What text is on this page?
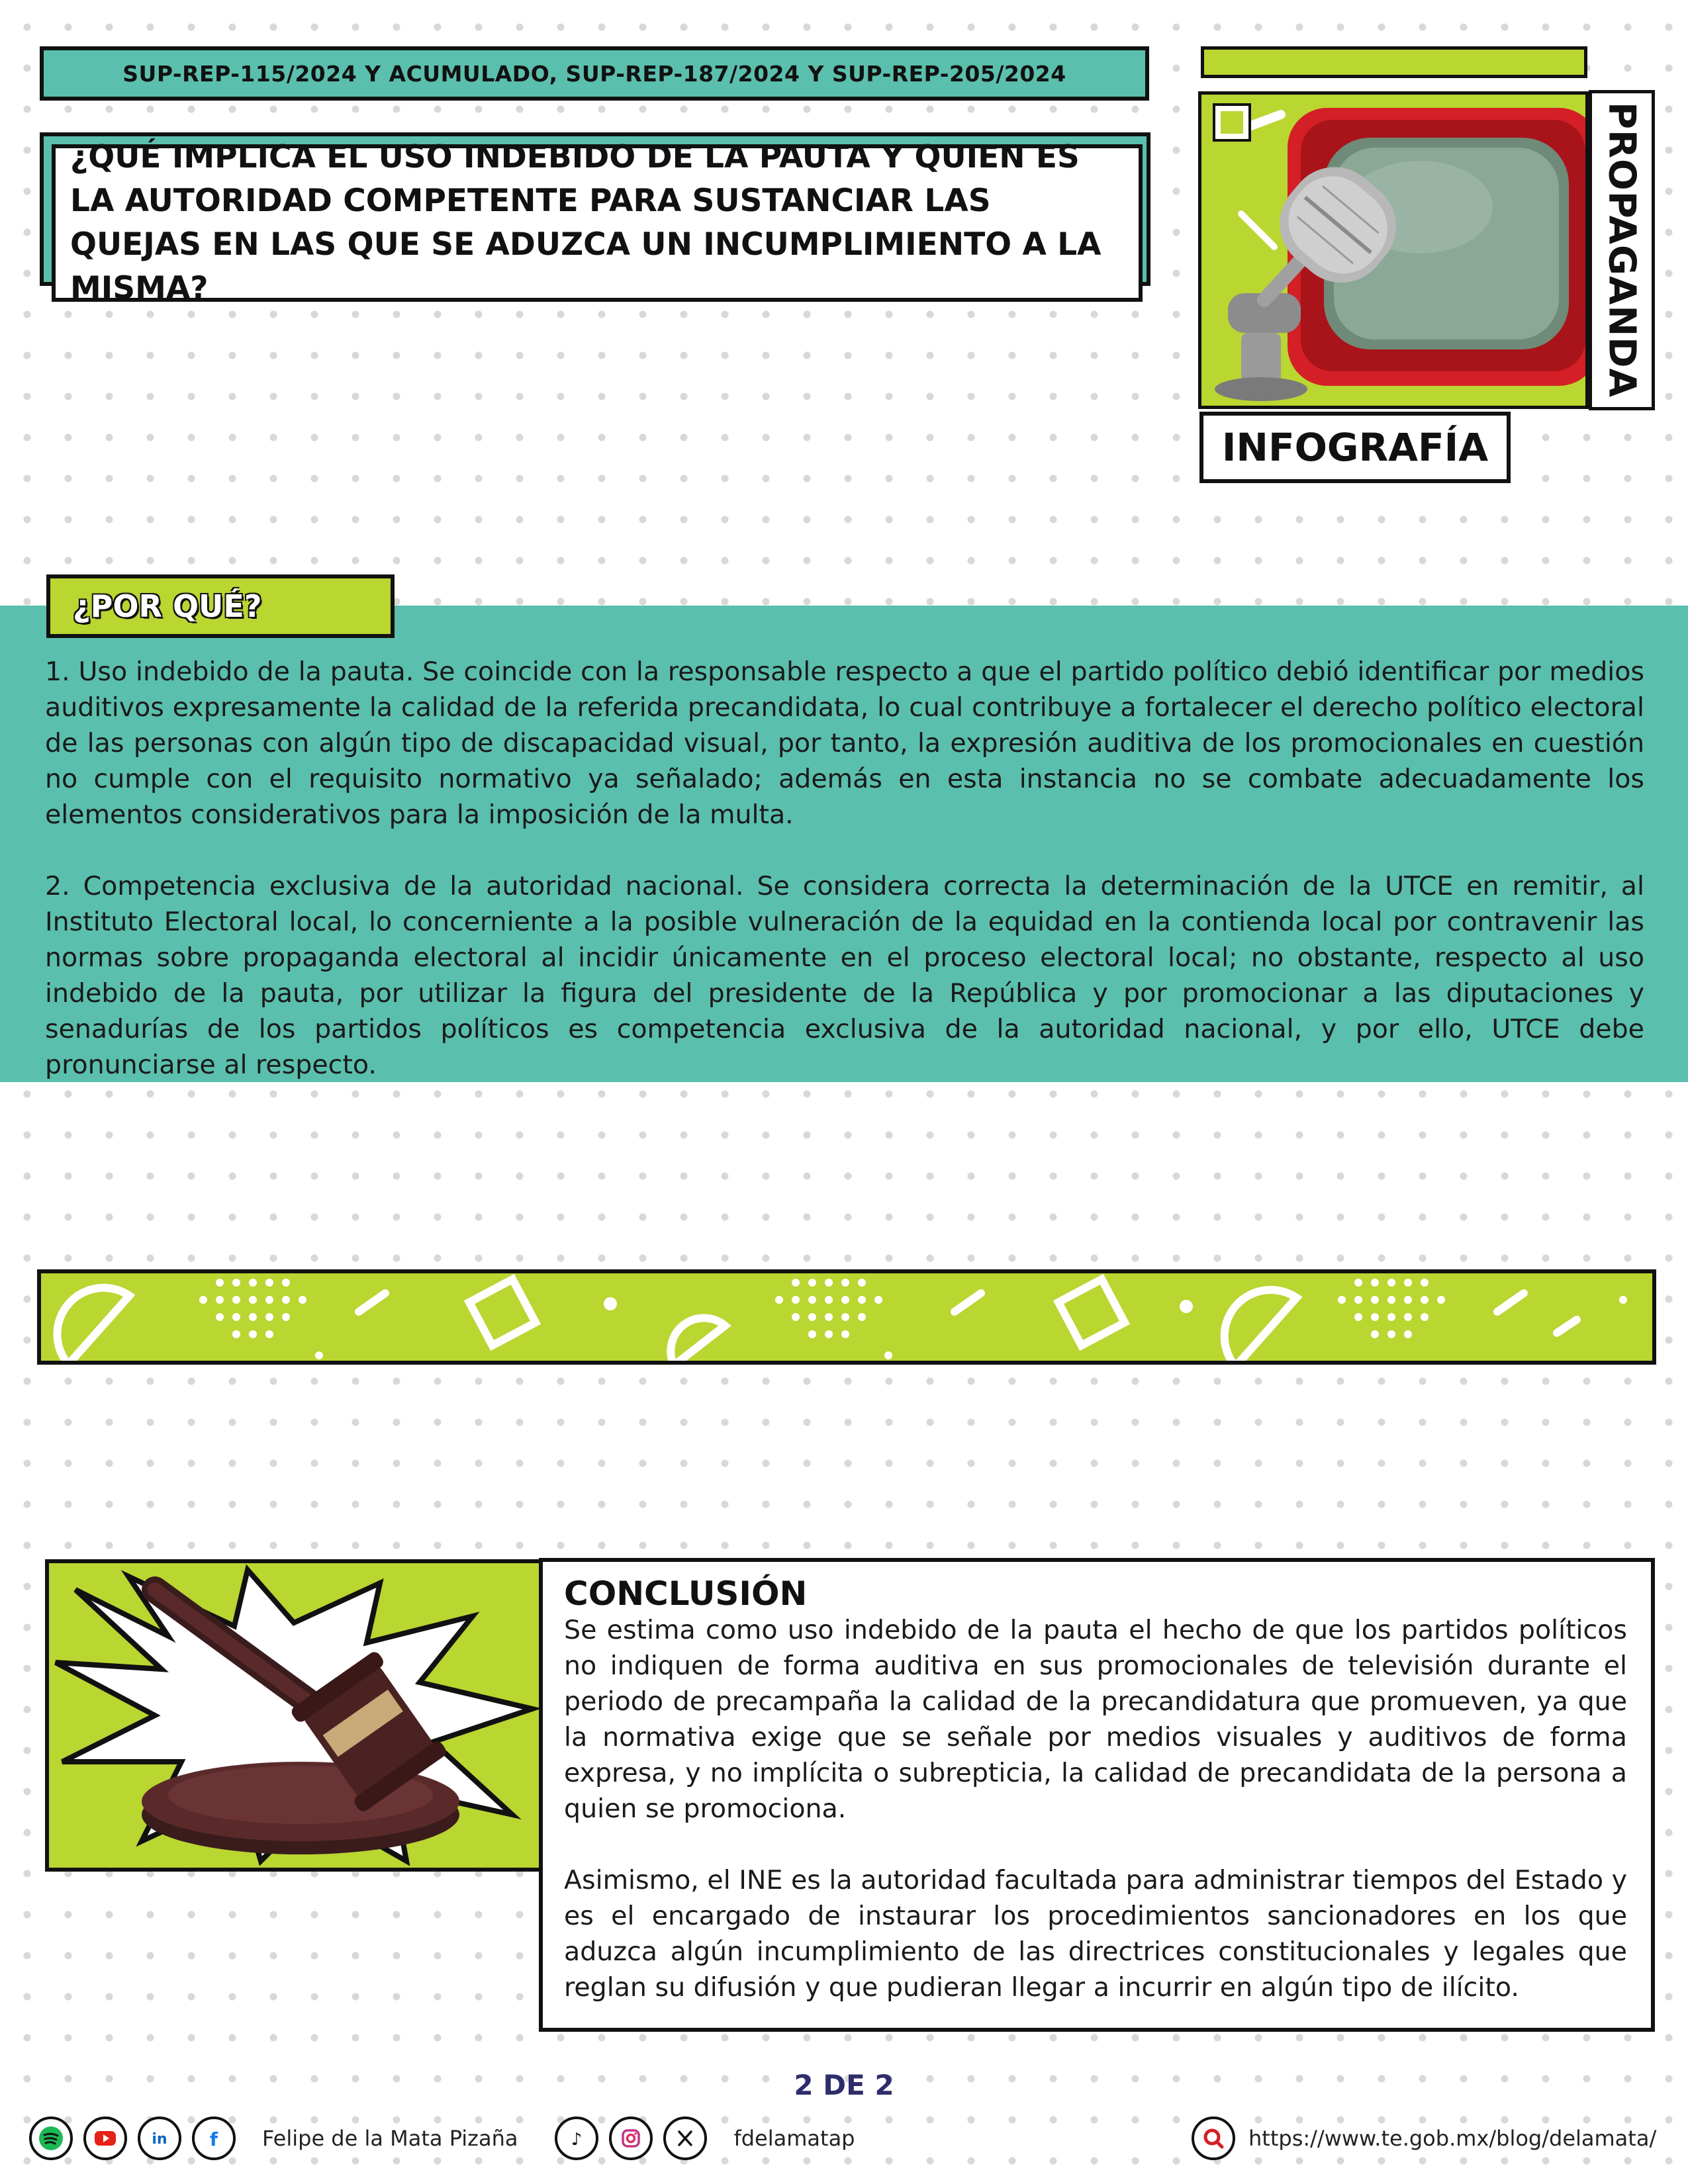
SUP-REP-115/2024 Y ACUMULADO, SUP-REP-187/2024 Y SUP-REP-205/2024
¿QUÉ IMPLICA EL USO INDEBIDO DE LA PAUTA Y QUIEN ES LA AUTORIDAD COMPETENTE PARA SUSTANCIAR LAS QUEJAS EN LAS QUE SE ADUZCA UN INCUMPLIMIENTO A LA MISMA?	PROPAGANDA
INFOGRAFÍA
¿POR QUÉ?

1. Uso indebido de la pauta. Se coincide con la responsable respecto a que el partido político debió identificar por medios auditivos expresamente la calidad de la referida precandidata, lo cual contribuye a fortalecer el derecho político electoral de las personas con algún tipo de discapacidad visual, por tanto, la expresión auditiva de los promocionales en cuestión no cumple con el requisito normativo ya señalado; además en esta instancia no se combate adecuadamente los elementos considerativos para la imposición de la multa.

2. Competencia exclusiva de la autoridad nacional. Se considera correcta la determinación de la UTCE en remitir, al Instituto Electoral local, lo concerniente a la posible vulneración de la equidad en la contienda local por contravenir las normas sobre propaganda electoral al incidir únicamente en el proceso electoral local; no obstante, respecto al uso indebido de la pauta, por utilizar la figura del presidente de la República y por promocionar a las diputaciones y senadurías de los partidos políticos es competencia exclusiva de la autoridad nacional, y por ello, UTCE debe pronunciarse al respecto.

CONCLUSIÓN

Se estima como uso indebido de la pauta el hecho de que los partidos políticos no indiquen de forma auditiva en sus promocionales de televisión durante el periodo de precampaña la calidad de la precandidatura que promueven, ya que la normativa exige que se señale por medios visuales y auditivos de forma expresa, y no implícita o subrepticia, la calidad de precandidata de la persona a quien se promociona.

Asimismo, el INE es la autoridad facultada para administrar tiempos del Estado y es el encargado de instaurar los procedimientos sancionadores en los que aduzca algún incumplimiento de las directrices constitucionales y legales que reglan su difusión y que pudieran llegar a incurrir en algún tipo de ilícito.

2 DE 2
in f Felipe de la Mata Pizaña	♪	fdelamatap	https://www.te.gob.mx/blog/delamata/
